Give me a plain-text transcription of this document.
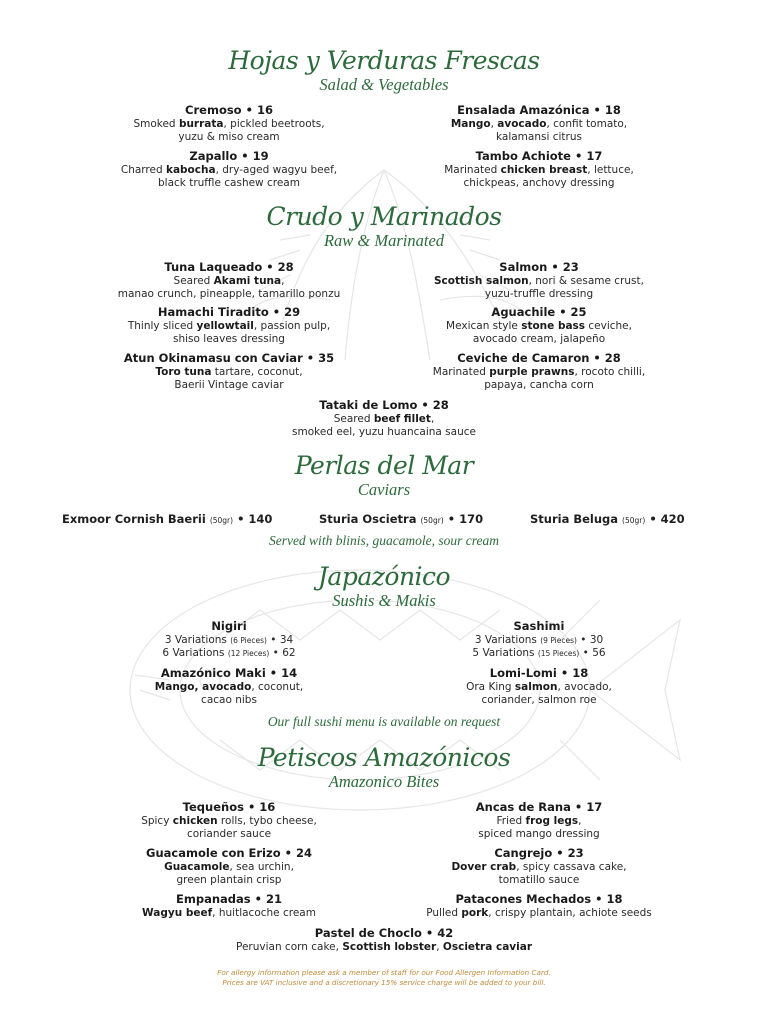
Hojas y Verduras Frescas
Salad & Vegetables
Cremoso • 16
Smoked burrata, pickled beetroots,
yuzu & miso cream
Ensalada Amazónica • 18
Mango, avocado, confit tomato,
kalamansi citrus
Zapallo • 19
Charred kabocha, dry-aged wagyu beef,
black truffle cashew cream
Tambo Achiote • 17
Marinated chicken breast, lettuce,
chickpeas, anchovy dressing
Crudo y Marinados
Raw & Marinated
Tuna Laqueado • 28
Seared Akami tuna,
manao crunch, pineapple, tamarillo ponzu
Salmon • 23
Scottish salmon, nori & sesame crust,
yuzu-truffle dressing
Hamachi Tiradito • 29
Thinly sliced yellowtail, passion pulp,
shiso leaves dressing
Aguachile • 25
Mexican style stone bass ceviche,
avocado cream, jalapeño
Atun Okinamasu con Caviar • 35
Toro tuna tartare, coconut,
Baerii Vintage caviar
Ceviche de Camaron • 28
Marinated purple prawns, rocoto chilli,
papaya, cancha corn
Tataki de Lomo • 28
Seared beef fillet,
smoked eel, yuzu huancaina sauce
Perlas del Mar
Caviars
Exmoor Cornish Baerii (50gr) • 140	Sturia Oscietra (50gr) • 170	Sturia Beluga (50gr) • 420
Served with blinis, guacamole, sour cream
Japazónico
Sushis & Makis
Nigiri
3 Variations (6 Pieces) • 34
6 Variations (12 Pieces) • 62
Sashimi
3 Variations (9 Pieces) • 30
5 Variations (15 Pieces) • 56
Amazónico Maki • 14
Mango, avocado, coconut,
cacao nibs
Lomi-Lomi • 18
Ora King salmon, avocado,
coriander, salmon roe
Our full sushi menu is available on request
Petiscos Amazónicos
Amazonico Bites
Tequeños • 16
Spicy chicken rolls, tybo cheese,
coriander sauce
Ancas de Rana • 17
Fried frog legs,
spiced mango dressing
Guacamole con Erizo • 24
Guacamole, sea urchin,
green plantain crisp
Cangrejo • 23
Dover crab, spicy cassava cake,
tomatillo sauce
Empanadas • 21
Wagyu beef, huitlacoche cream
Patacones Mechados • 18
Pulled pork, crispy plantain, achiote seeds
Pastel de Choclo • 42
Peruvian corn cake, Scottish lobster, Oscietra caviar
For allergy information please ask a member of staff for our Food Allergen Information Card.
Prices are VAT inclusive and a discretionary 15% service charge will be added to your bill.
